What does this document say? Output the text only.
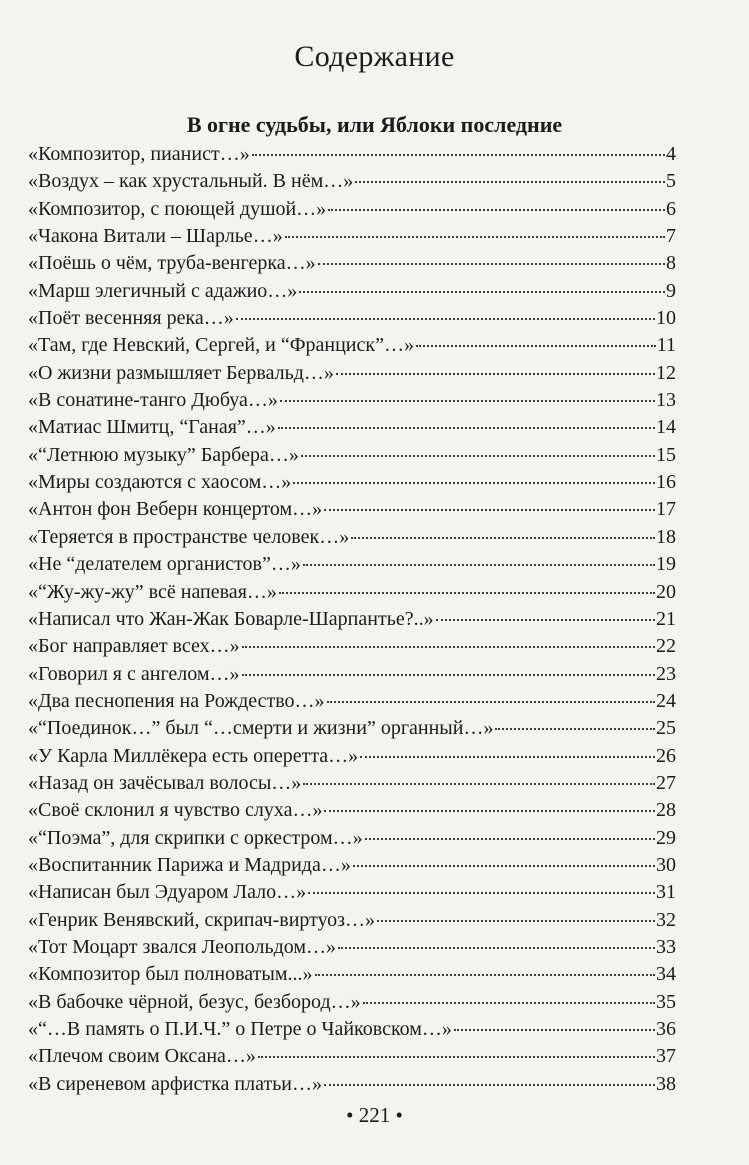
Содержание
В огне судьбы, или Яблоки последние
«Композитор, пианист…»	4
«Воздух – как хрустальный. В нём…»	5
«Композитор, с поющей душой…»	6
«Чакона Витали – Шарлье…»	7
«Поёшь о чём, труба-венгерка…»	8
«Марш элегичный с адажио…»	9
«Поёт весенняя река…»	10
«Там, где Невский, Сергей, и “Франциск”…»	11
«О жизни размышляет Бервальд…»	12
«В сонатине-танго Дюбуа…»	13
«Матиас Шмитц, “Ганая”…»	14
«“Летнюю музыку” Барбера…»	15
«Миры создаются с хаосом…»	16
«Антон фон Веберн концертом…»	17
«Теряется в пространстве человек…»	18
«Не “делателем органистов”…»	19
«“Жу-жу-жу” всё напевая…»	20
«Написал что Жан-Жак Боварле-Шарпантье?..»	21
«Бог направляет всех…»	22
«Говорил я с ангелом…»	23
«Два песнопения на Рождество…»	24
«“Поединок…” был “…смерти и жизни” органный…»	25
«У Карла Миллёкера есть оперетта…»	26
«Назад он зачёсывал волосы…»	27
«Своё склонил я чувство слуха…»	28
«“Поэма”, для скрипки с оркестром…»	29
«Воспитанник Парижа и Мадрида…»	30
«Написан был Эдуаром Лало…»	31
«Генрик Венявский, скрипач-виртуоз…»	32
«Тот Моцарт звался Леопольдом…»	33
«Композитор был полноватым...»	34
«В бабочке чёрной, безус, безбород…»	35
«“…В память о П.И.Ч.” о Петре о Чайковском…»	36
«Плечом своим Оксана…»	37
«В сиреневом арфистка платьи…»	38
• 221 •
